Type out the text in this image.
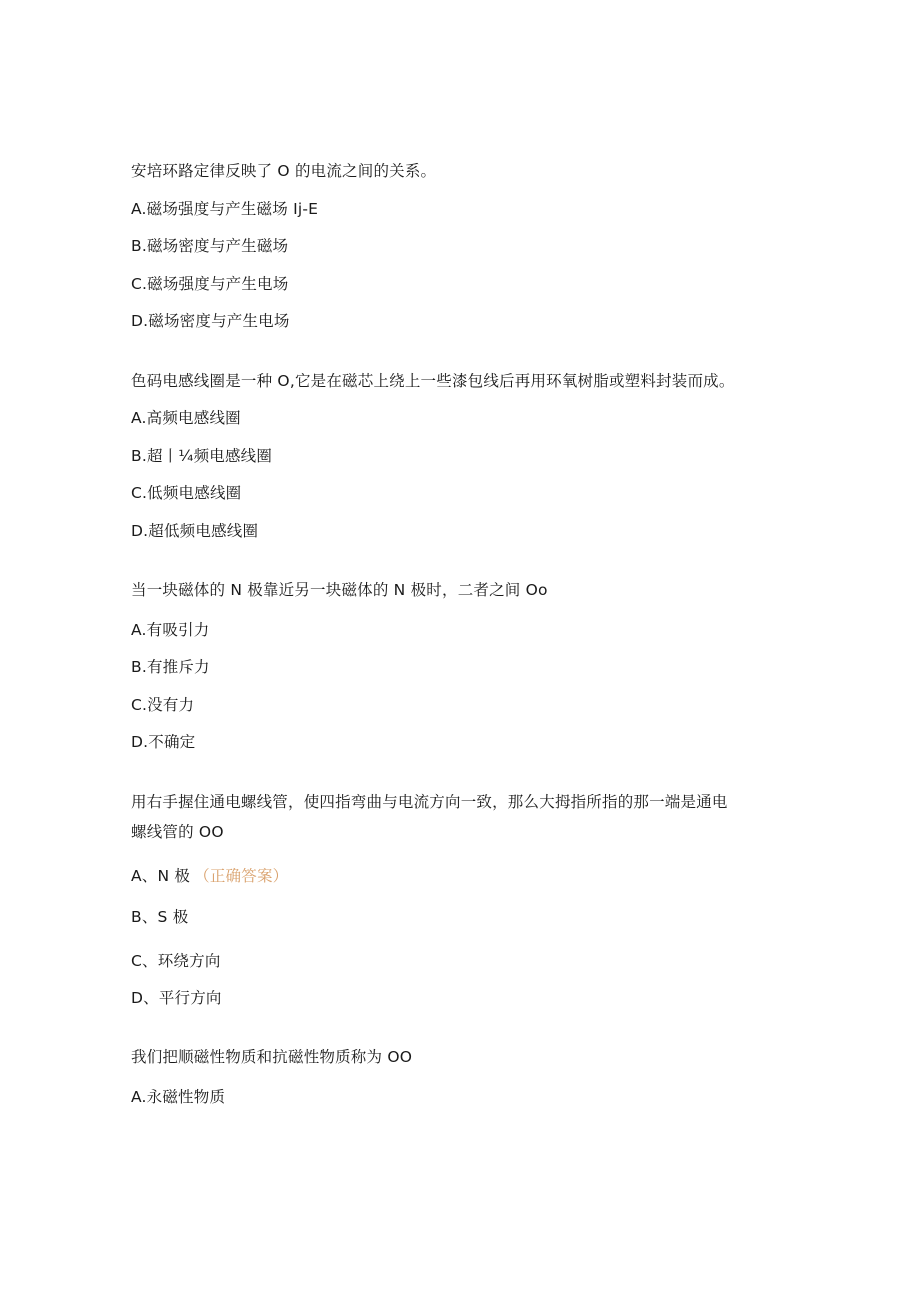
安培环路定律反映了 O 的电流之间的关系。
A.磁场强度与产生磁场 Ij-E
B.磁场密度与产生磁场
C.磁场强度与产生电场
D.磁场密度与产生电场
色码电感线圈是一种 O,它是在磁芯上绕上一些漆包线后再用环氧树脂或塑料封装而成。
A.高频电感线圈
B.超丨¼频电感线圈
C.低频电感线圈
D.超低频电感线圈
当一块磁体的 N 极靠近另一块磁体的 N 极时，二者之间 Oo
A.有吸引力
B.有推斥力
C.没有力
D.不确定
用右手握住通电螺线管，使四指弯曲与电流方向一致，那么大拇指所指的那一端是通电
螺线管的 OO
A、N 极 （正确答案）
B、S 极
C、环绕方向
D、平行方向
我们把顺磁性物质和抗磁性物质称为 OO
A.永磁性物质
